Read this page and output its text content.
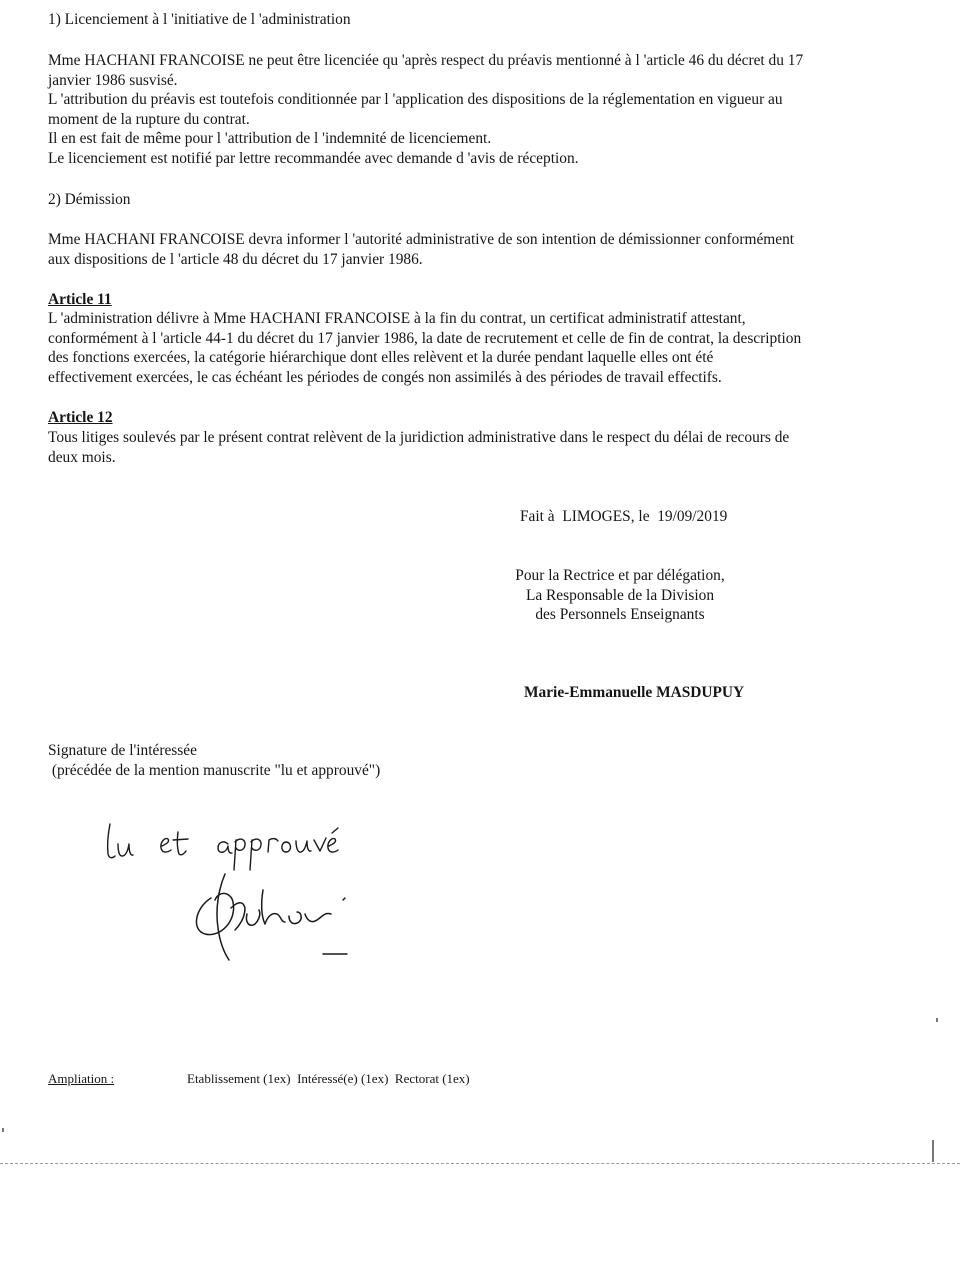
1) Licenciement à l 'initiative de l 'administration

Mme HACHANI FRANCOISE ne peut être licenciée qu 'après respect du préavis mentionné à l 'article 46 du décret du 17
janvier 1986 susvisé.
L 'attribution du préavis est toutefois conditionnée par l 'application des dispositions de la réglementation en vigueur au
moment de la rupture du contrat.
Il en est fait de même pour l 'attribution de l 'indemnité de licenciement.
Le licenciement est notifié par lettre recommandée avec demande d 'avis de réception.

2) Démission

Mme HACHANI FRANCOISE devra informer l 'autorité administrative de son intention de démissionner conformément
aux dispositions de l 'article 48 du décret du 17 janvier 1986.

Article 11

L 'administration délivre à Mme HACHANI FRANCOISE à la fin du contrat, un certificat administratif attestant,
conformément à l 'article 44-1 du décret du 17 janvier 1986, la date de recrutement et celle de fin de contrat, la description
des fonctions exercées, la catégorie hiérarchique dont elles relèvent et la durée pendant laquelle elles ont été
effectivement exercées, le cas échéant les périodes de congés non assimilés à des périodes de travail effectifs.

Article 12

Tous litiges soulevés par le présent contrat relèvent de la juridiction administrative dans le respect du délai de recours de
deux mois.

Fait à  LIMOGES, le  19/09/2019

Pour la Rectrice et par délégation,
La Responsable de la Division
des Personnels Enseignants

Marie-Emmanuelle MASDUPUY

Signature de l'intéressée

(précédée de la mention manuscrite "lu et approuvé")

Ampliation :	Etablissement (1ex)  Intéressé(e) (1ex)  Rectorat (1ex)
